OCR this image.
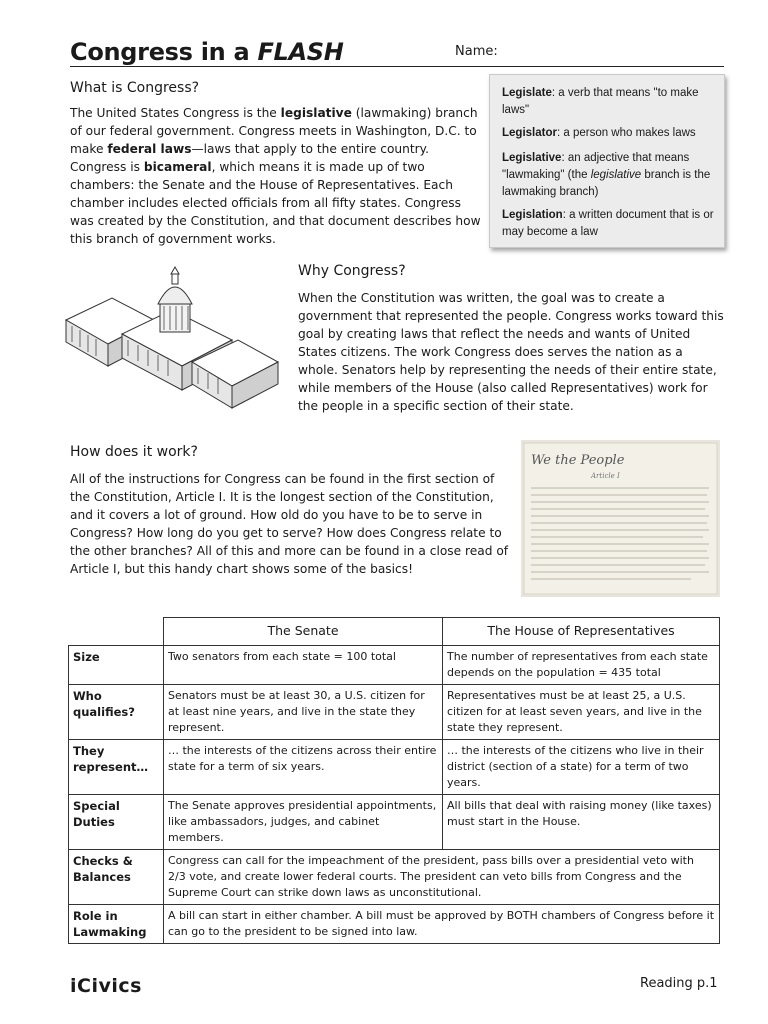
Congress in a FLASH	Name:
What is Congress?
The United States Congress is the legislative (lawmaking) branch of our federal government. Congress meets in Washington, D.C. to make federal laws—laws that apply to the entire country. Congress is bicameral, which means it is made up of two chambers: the Senate and the House of Representatives. Each chamber includes elected officials from all fifty states. Congress was created by the Constitution, and that document describes how this branch of government works.
Legislate: a verb that means "to make laws"
Legislator: a person who makes laws
Legislative: an adjective that means "lawmaking" (the legislative branch is the lawmaking branch)
Legislation: a written document that is or may become a law
Why Congress?
When the Constitution was written, the goal was to create a government that represented the people. Congress works toward this goal by creating laws that reflect the needs and wants of United States citizens. The work Congress does serves the nation as a whole. Senators help by representing the needs of their entire state, while members of the House (also called Representatives) work for the people in a specific section of their state.
How does it work?
All of the instructions for Congress can be found in the first section of the Constitution, Article I. It is the longest section of the Constitution, and it covers a lot of ground. How old do you have to be to serve in Congress? How long do you get to serve? How does Congress relate to the other branches? All of this and more can be found in a close read of Article I, but this handy chart shows some of the basics!
We the People
Article I
	The Senate	The House of Representatives
Size	Two senators from each state = 100 total	The number of representatives from each state depends on the population = 435 total
Who qualifies?	Senators must be at least 30, a U.S. citizen for at least nine years, and live in the state they represent.	Representatives must be at least 25, a U.S. citizen for at least seven years, and live in the state they represent.
They represent…	… the interests of the citizens across their entire state for a term of six years.	… the interests of the citizens who live in their district (section of a state) for a term of two years.
Special Duties	The Senate approves presidential appointments, like ambassadors, judges, and cabinet members.	All bills that deal with raising money (like taxes) must start in the House.
Checks & Balances	Congress can call for the impeachment of the president, pass bills over a presidential veto with 2/3 vote, and create lower federal courts. The president can veto bills from Congress and the Supreme Court can strike down laws as unconstitutional.	
Role in Lawmaking	A bill can start in either chamber. A bill must be approved by BOTH chambers of Congress before it can go to the president to be signed into law.	
iCivics	Reading p.1
